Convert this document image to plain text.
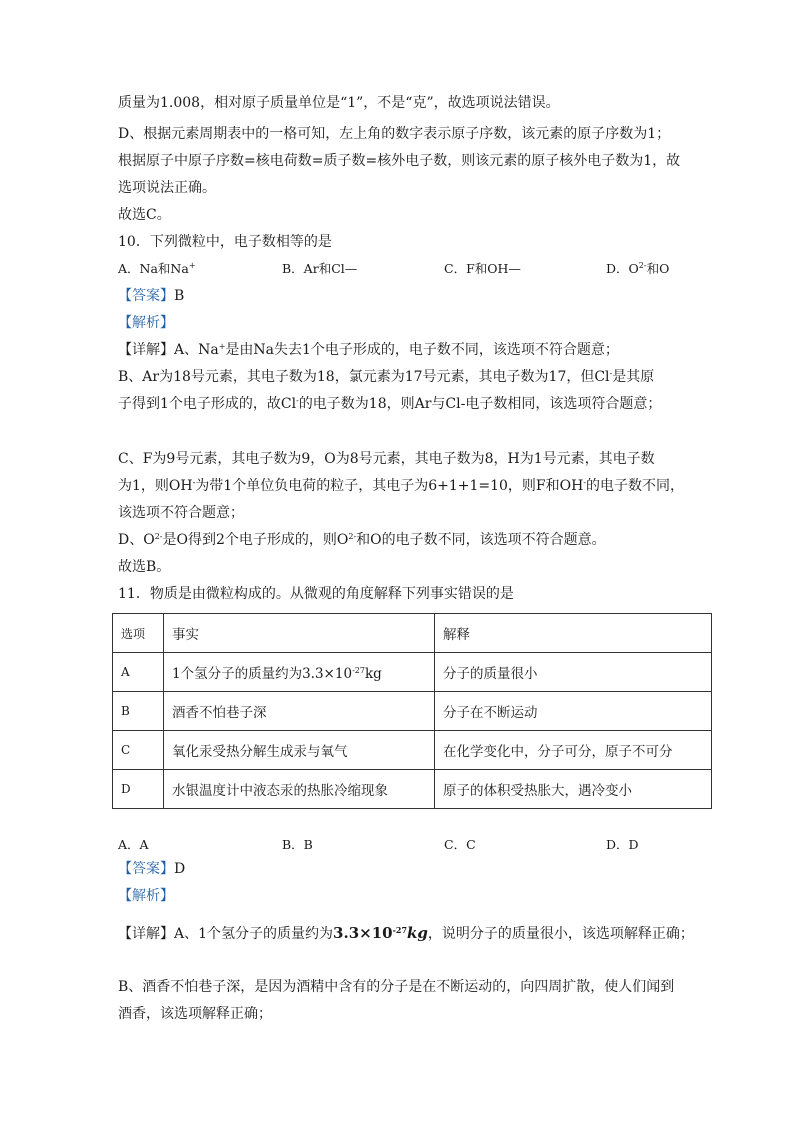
质量为1.008，相对原子质量单位是“1”，不是“克”，故选项说法错误。
D、根据元素周期表中的一格可知，左上角的数字表示原子序数，该元素的原子序数为1；
根据原子中原子序数=核电荷数=质子数=核外电子数，则该元素的原子核外电子数为1，故
选项说法正确。
故选C。
10．下列微粒中，电子数相等的是
A．Na和Na+	B．Ar和Cl—	C．F和OH—	D．$O^{2-}$和O
【答案】B
【解析】
【详解】A、Na+是由Na失去1个电子形成的，电子数不同，该选项不符合题意；
B、Ar为18号元素，其电子数为18，氯元素为17号元素，其电子数为17，但Cl-是其原
子得到1个电子形成的，故Cl-的电子数为18，则Ar与Cl-电子数相同，该选项符合题意；
C、F为9号元素，其电子数为9，O为8号元素，其电子数为8，H为1号元素，其电子数
为1，则OH-为带1个单位负电荷的粒子，其电子为6+1+1=10，则F和OH-的电子数不同，
该选项不符合题意；
D、$O^{2-}$是O得到2个电子形成的，则$O^{2-}$和O的电子数不同，该选项不符合题意。
故选B。
11．物质是由微粒构成的。从微观的角度解释下列事实错误的是
选项	事实	解释
A	1个氢分子的质量约为$3.3\times 10^{-27}kg$	分子的质量很小
B	酒香不怕巷子深	分子在不断运动
C	氧化汞受热分解生成汞与氧气	在化学变化中，分子可分，原子不可分
D	水银温度计中液态汞的热胀冷缩现象	原子的体积受热胀大，遇冷变小
A．A	B．B	C．C	D．D
【答案】D
【解析】
【详解】A、1个氢分子的质量约为$3.3\times 10^{-27}kg$，说明分子的质量很小，该选项解释正确；
B、酒香不怕巷子深，是因为酒精中含有的分子是在不断运动的，向四周扩散，使人们闻到
酒香，该选项解释正确；
